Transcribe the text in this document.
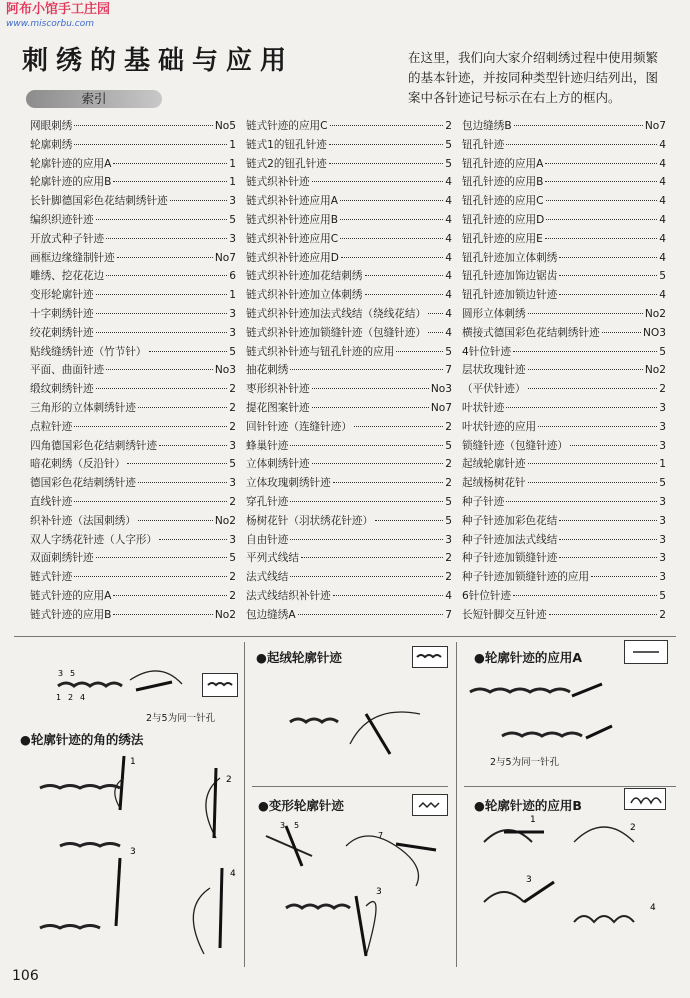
阿布小馆手工庄园
www.miscorbu.com
刺绣的基础与应用	在这里，我们向大家介绍刺绣过程中使用频繁的基本针迹，并按同种类型针迹归结列出，图案中各针迹记号标示在右上方的框内。
索引
网眼刺绣	No5
轮廓刺绣	1
轮廓针迹的应用A	1
轮廓针迹的应用B	1
长针脚德国彩色花结刺绣针迹	3
编织织迹针迹	5
开放式种子针迹	3
画框边缘缝制针迹	No7
雕绣、挖花花边	6
变形轮廓针迹	1
十字刺绣针迹	3
绞花刺绣针迹	3
贴线缝绣针迹（竹节针）	5
平面、曲面针迹	No3
缎纹刺绣针迹	2
三角形的立体刺绣针迹	2
点粒针迹	2
四角德国彩色花结刺绣针迹	3
暗花刺绣（反沿针）	5
德国彩色花结刺绣针迹	3
直线针迹	2
织补针迹（法国刺绣）	No2
双人字绣花针迹（人字形）	3
双面刺绣针迹	5
链式针迹	2
链式针迹的应用A	2
链式针迹的应用B	No2
链式针迹的应用C	2
链式1的钮孔针迹	5
链式2的钮孔针迹	5
链式织补针迹	4
链式织补针迹应用A	4
链式织补针迹应用B	4
链式织补针迹应用C	4
链式织补针迹应用D	4
链式织补针迹加花结刺绣	4
链式织补针迹加立体刺绣	4
链式织补针迹加法式线结（绕线花结） 4
链式织补针迹加锁缝针迹（包缝针迹） 4
链式织补针迹与钮孔针迹的应用	5
抽花刺绣	7
枣形织补针迹	No3
提花图案针迹	No7
回针针迹（连缝针迹）	2
蜂巢针迹	5
立体刺绣针迹	2
立体玫瑰刺绣针迹	2
穿孔针迹	5
杨树花针（羽状绣花针迹）	5
自由针迹	3
平列式线结	2
法式线结	2
法式线结织补针迹	4
包边缝绣A	7
包边缝绣B	No7
钮孔针迹	4
钮孔针迹的应用A	4
钮孔针迹的应用B	4
钮孔针迹的应用C	4
钮孔针迹的应用D	4
钮孔针迹的应用E	4
钮孔针迹加立体刺绣	4
钮孔针迹加饰边锯齿	5
钮孔针迹加锁边针迹	4
圆形立体刺绣	No2
横接式德国彩色花结刺绣针迹	NO3
4针位针迹	5
层状玫瑰针迹	No2
（平伏针迹）	2
叶状针迹	3
叶状针迹的应用	3
锁缝针迹（包缝针迹）	3
起绒轮廓针迹	1
起绒杨树花针	5
种子针迹	3
种子针迹加彩色花结	3
种子针迹加法式线结	3
种子针迹加锁缝针迹	3
种子针迹加锁缝针迹的应用	3
6针位针迹	5
长短针脚交互针迹	2
3 5
1 2 4
2与5为同一针孔
●轮廓针迹的角的绣法
1
2
3
4
●起绒轮廓针迹
●变形轮廓针迹
3 5
7
3
●轮廓针迹的应用A
2与5为同一针孔
●轮廓针迹的应用B
1
2
3
4
106
